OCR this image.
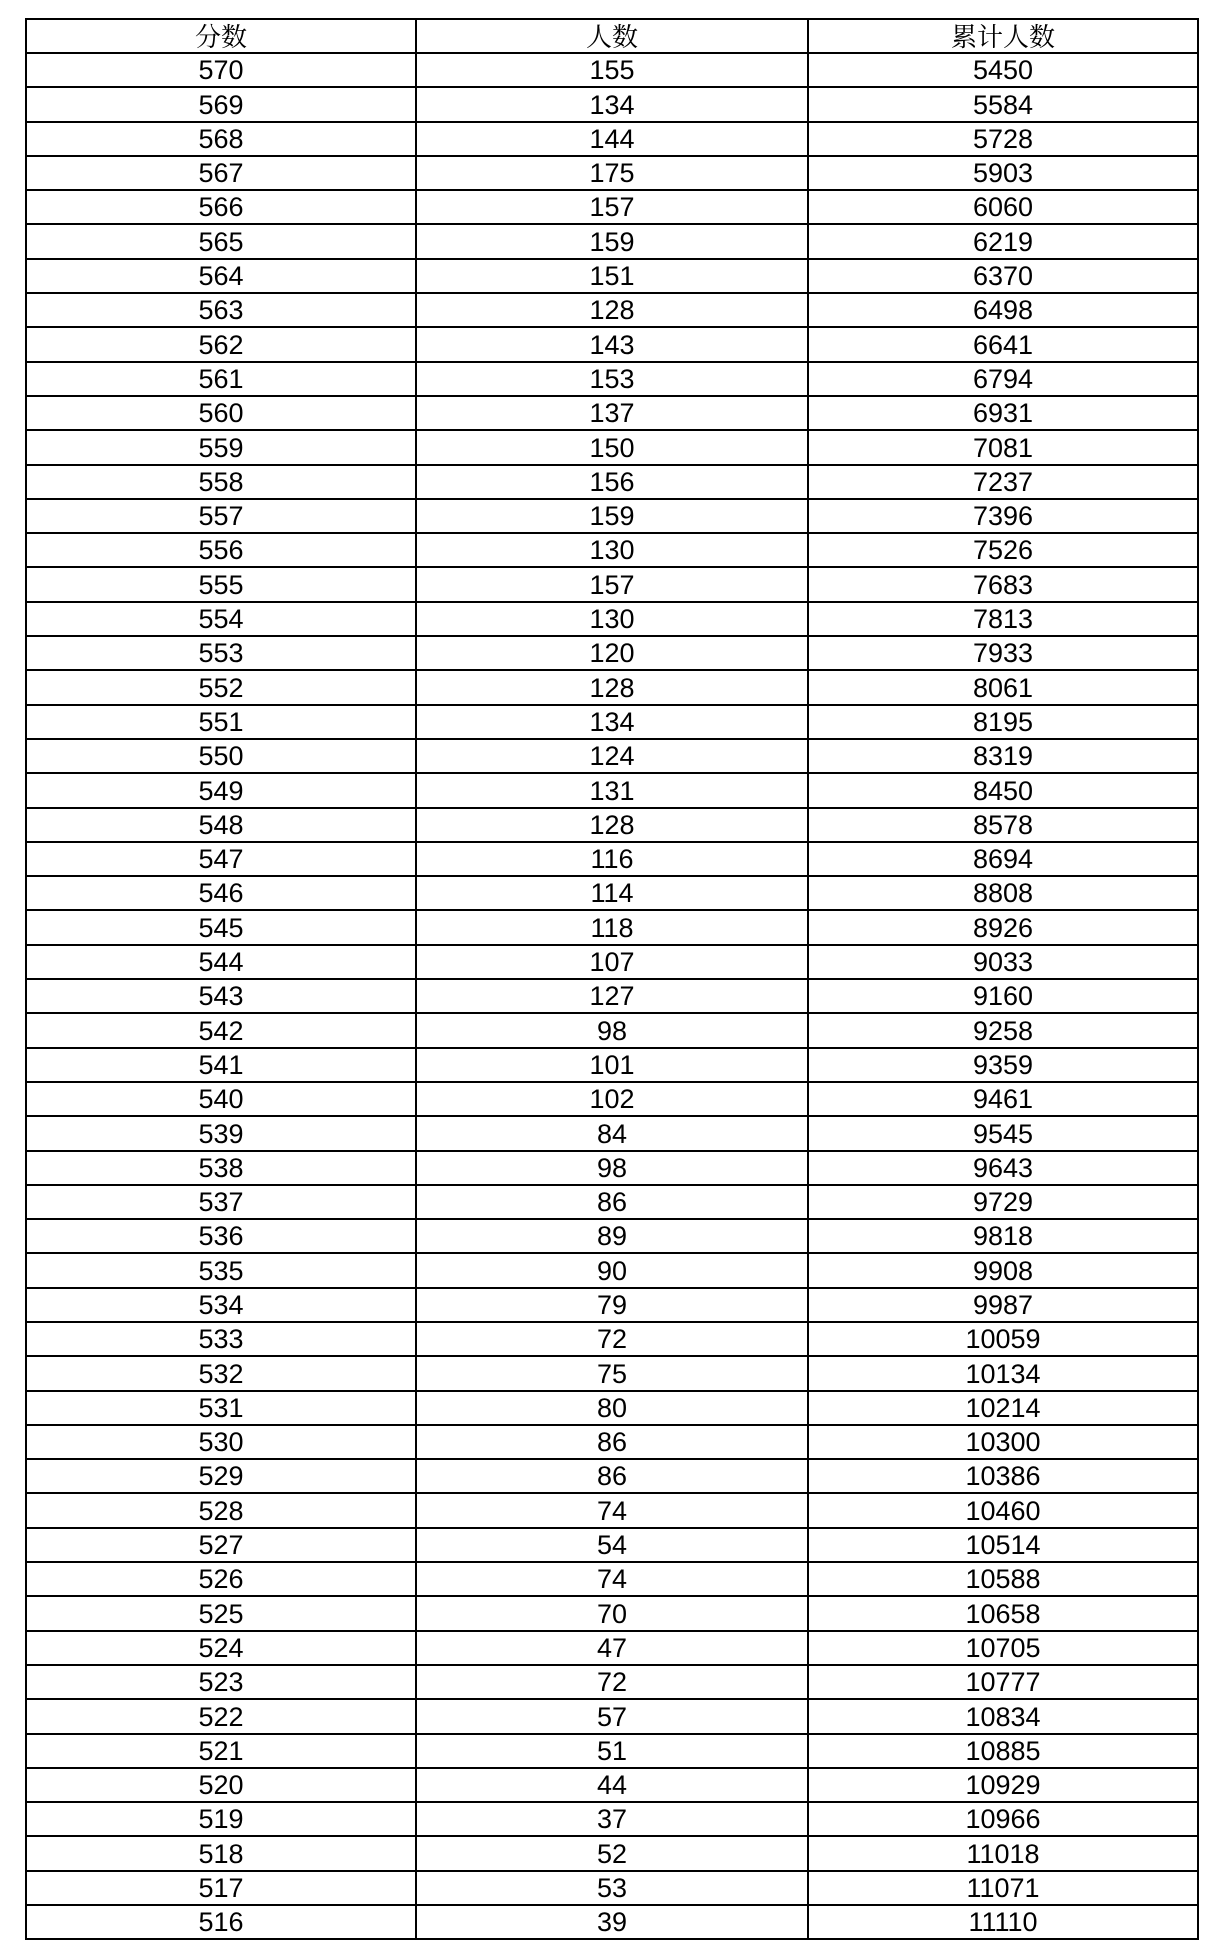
分数	人数	累计人数
570	155	5450
569	134	5584
568	144	5728
567	175	5903
566	157	6060
565	159	6219
564	151	6370
563	128	6498
562	143	6641
561	153	6794
560	137	6931
559	150	7081
558	156	7237
557	159	7396
556	130	7526
555	157	7683
554	130	7813
553	120	7933
552	128	8061
551	134	8195
550	124	8319
549	131	8450
548	128	8578
547	116	8694
546	114	8808
545	118	8926
544	107	9033
543	127	9160
542	98	9258
541	101	9359
540	102	9461
539	84	9545
538	98	9643
537	86	9729
536	89	9818
535	90	9908
534	79	9987
533	72	10059
532	75	10134
531	80	10214
530	86	10300
529	86	10386
528	74	10460
527	54	10514
526	74	10588
525	70	10658
524	47	10705
523	72	10777
522	57	10834
521	51	10885
520	44	10929
519	37	10966
518	52	11018
517	53	11071
516	39	11110
